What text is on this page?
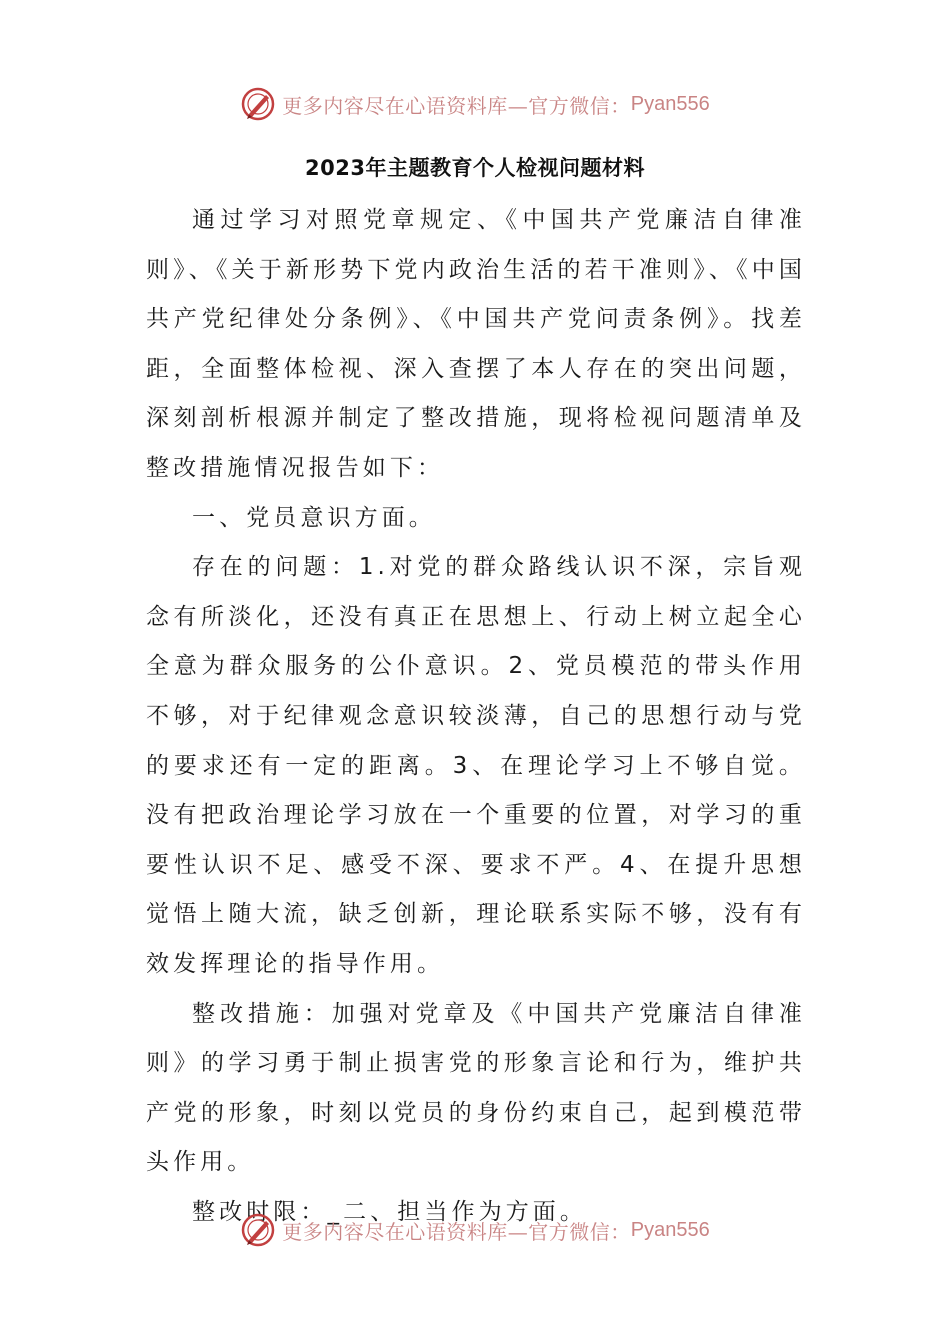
更多内容尽在心语资料库—官方微信： Pyan556
2023年主题教育个人检视问题材料

通过学习对照党章规定、《中国共产党廉洁自律准则》、《关于新形势下党内政治生活的若干准则》、《中国共产党纪律处分条例》、《中国共产党问责条例》。找差距，全面整体检视、深入查摆了本人存在的突出问题，深刻剖析根源并制定了整改措施，现将检视问题清单及整改措施情况报告如下：

一、党员意识方面。

存在的问题：1.对党的群众路线认识不深，宗旨观念有所淡化，还没有真正在思想上、行动上树立起全心全意为群众服务的公仆意识。2、党员模范的带头作用不够，对于纪律观念意识较淡薄，自己的思想行动与党的要求还有一定的距离。3、在理论学习上不够自觉。没有把政治理论学习放在一个重要的位置，对学习的重要性认识不足、感受不深、要求不严。4、在提升思想觉悟上随大流，缺乏创新，理论联系实际不够，没有有效发挥理论的指导作用。

整改措施：加强对党章及《中国共产党廉洁自律准则》的学习勇于制止损害党的形象言论和行为，维护共产党的形象，时刻以党员的身份约束自己，起到模范带头作用。

整改时限：_二、担当作为方面。

更多内容尽在心语资料库—官方微信： Pyan556
